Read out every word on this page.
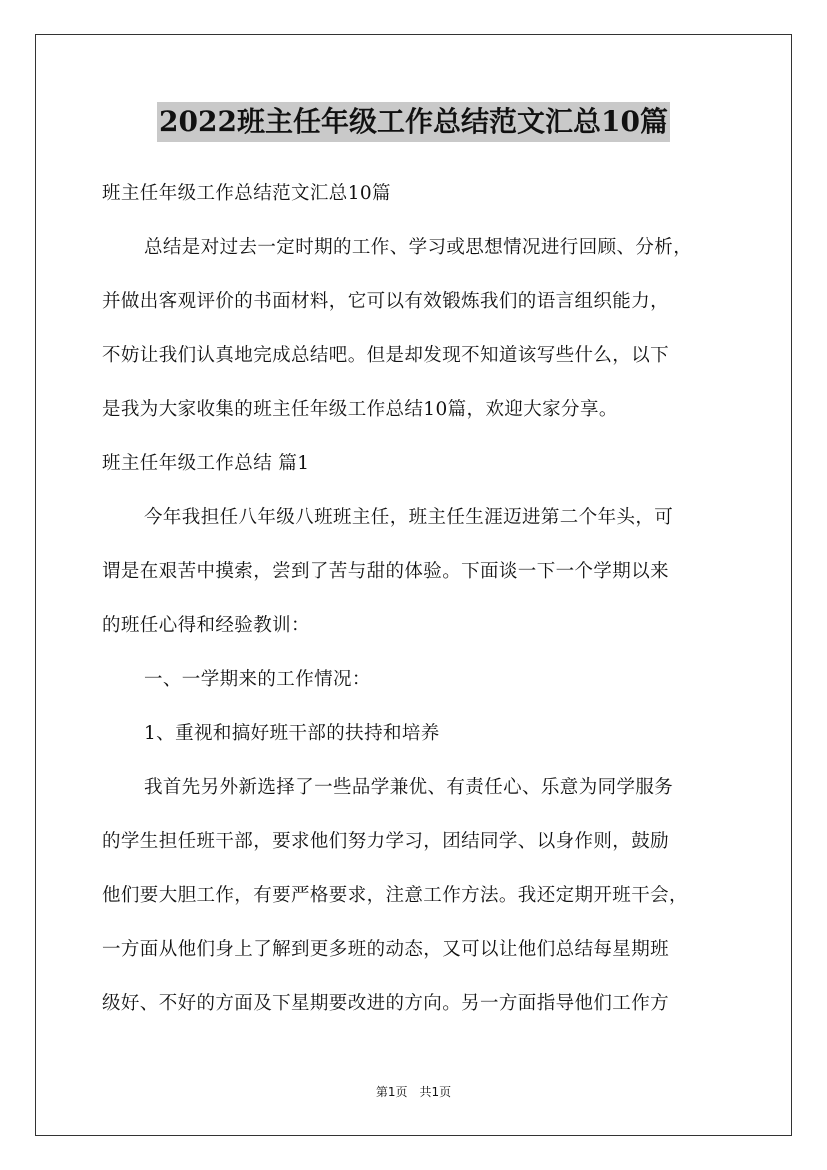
2022班主任年级工作总结范文汇总10篇
班主任年级工作总结范文汇总10篇
总结是对过去一定时期的工作、学习或思想情况进行回顾、分析，
并做出客观评价的书面材料，它可以有效锻炼我们的语言组织能力，
不妨让我们认真地完成总结吧。但是却发现不知道该写些什么，以下
是我为大家收集的班主任年级工作总结10篇，欢迎大家分享。
班主任年级工作总结 篇1
今年我担任八年级八班班主任，班主任生涯迈进第二个年头，可
谓是在艰苦中摸索，尝到了苦与甜的体验。下面谈一下一个学期以来
的班任心得和经验教训：
一、一学期来的工作情况：
1、重视和搞好班干部的扶持和培养
我首先另外新选择了一些品学兼优、有责任心、乐意为同学服务
的学生担任班干部，要求他们努力学习，团结同学、以身作则，鼓励
他们要大胆工作，有要严格要求，注意工作方法。我还定期开班干会，
一方面从他们身上了解到更多班的动态，又可以让他们总结每星期班
级好、不好的方面及下星期要改进的方向。另一方面指导他们工作方
第1页　共1页
